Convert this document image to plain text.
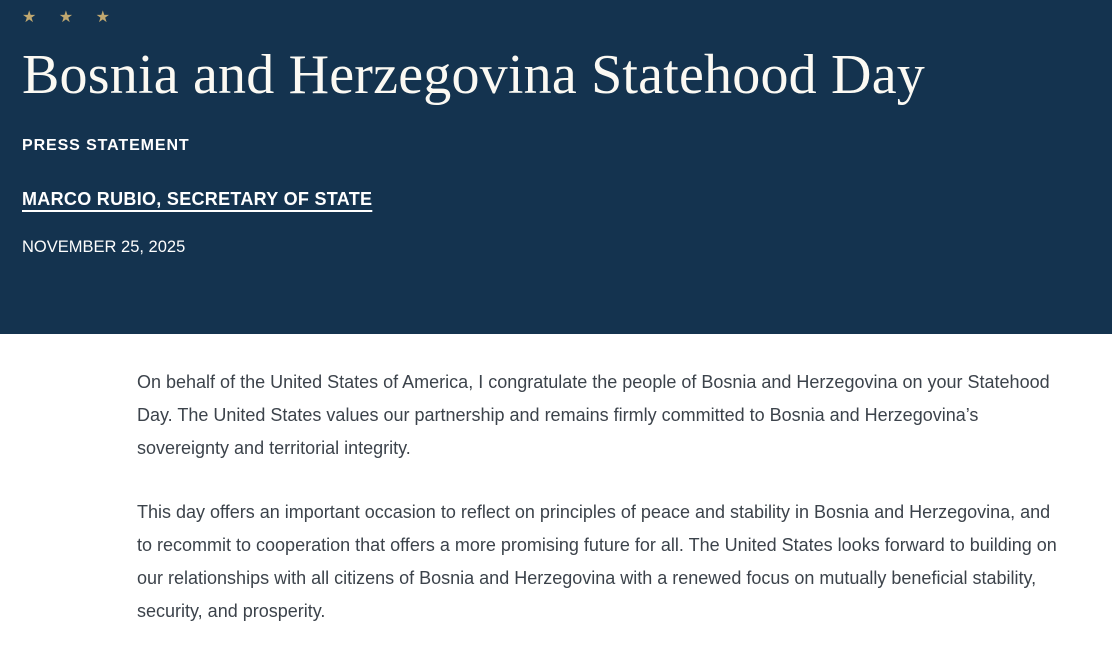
★ ★ ★
Bosnia and Herzegovina Statehood Day
PRESS STATEMENT
MARCO RUBIO, SECRETARY OF STATE
NOVEMBER 25, 2025

On behalf of the United States of America, I congratulate the people of Bosnia and Herzegovina on your Statehood Day. The United States values our partnership and remains firmly committed to Bosnia and Herzegovina’s sovereignty and territorial integrity.

This day offers an important occasion to reflect on principles of peace and stability in Bosnia and Herzegovina, and to recommit to cooperation that offers a more promising future for all. The United States looks forward to building on our relationships with all citizens of Bosnia and Herzegovina with a renewed focus on mutually beneficial stability, security, and prosperity.
